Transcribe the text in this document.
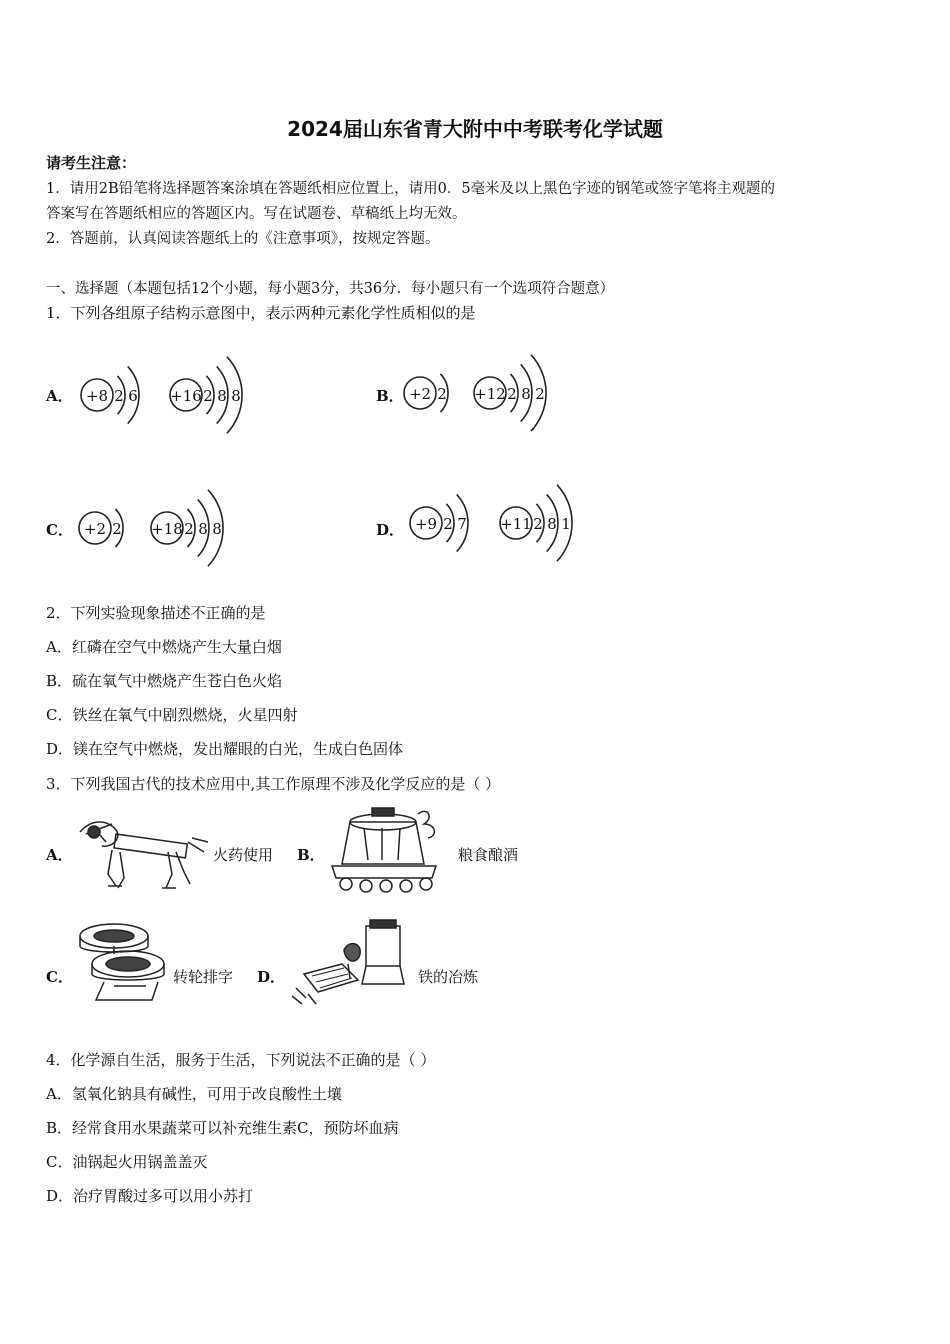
2024届山东省青大附中中考联考化学试题
请考生注意：
1．请用2B铅笔将选择题答案涂填在答题纸相应位置上，请用0．5毫米及以上黑色字迹的钢笔或签字笔将主观题的
答案写在答题纸相应的答题区内。写在试题卷、草稿纸上均无效。
2．答题前，认真阅读答题纸上的《注意事项》，按规定答题。
一、选择题（本题包括12个小题，每小题3分，共36分．每小题只有一个选项符合题意）
1．下列各组原子结构示意图中，表示两种元素化学性质相似的是
A．	B．
C．	D．
+8 2 6 +16 2 8 8	+2 2 +12 2 8 2
+2 2 +18 2 8 8	+9 2 7 +11 2 8 1
2．下列实验现象描述不正确的是
A．红磷在空气中燃烧产生大量白烟
B．硫在氧气中燃烧产生苍白色火焰
C．铁丝在氧气中剧烈燃烧，火星四射
D．镁在空气中燃烧，发出耀眼的白光，生成白色固体
3．下列我国古代的技术应用中,其工作原理不涉及化学反应的是（ ）
A．	火药使用 B．	粮食酿酒
C．	转轮排字 D．	铁的冶炼
4．化学源自生活，服务于生活，下列说法不正确的是（ ）
A．氢氧化钠具有碱性，可用于改良酸性土壤
B．经常食用水果蔬菜可以补充维生素C，预防坏血病
C．油锅起火用锅盖盖灭
D．治疗胃酸过多可以用小苏打
